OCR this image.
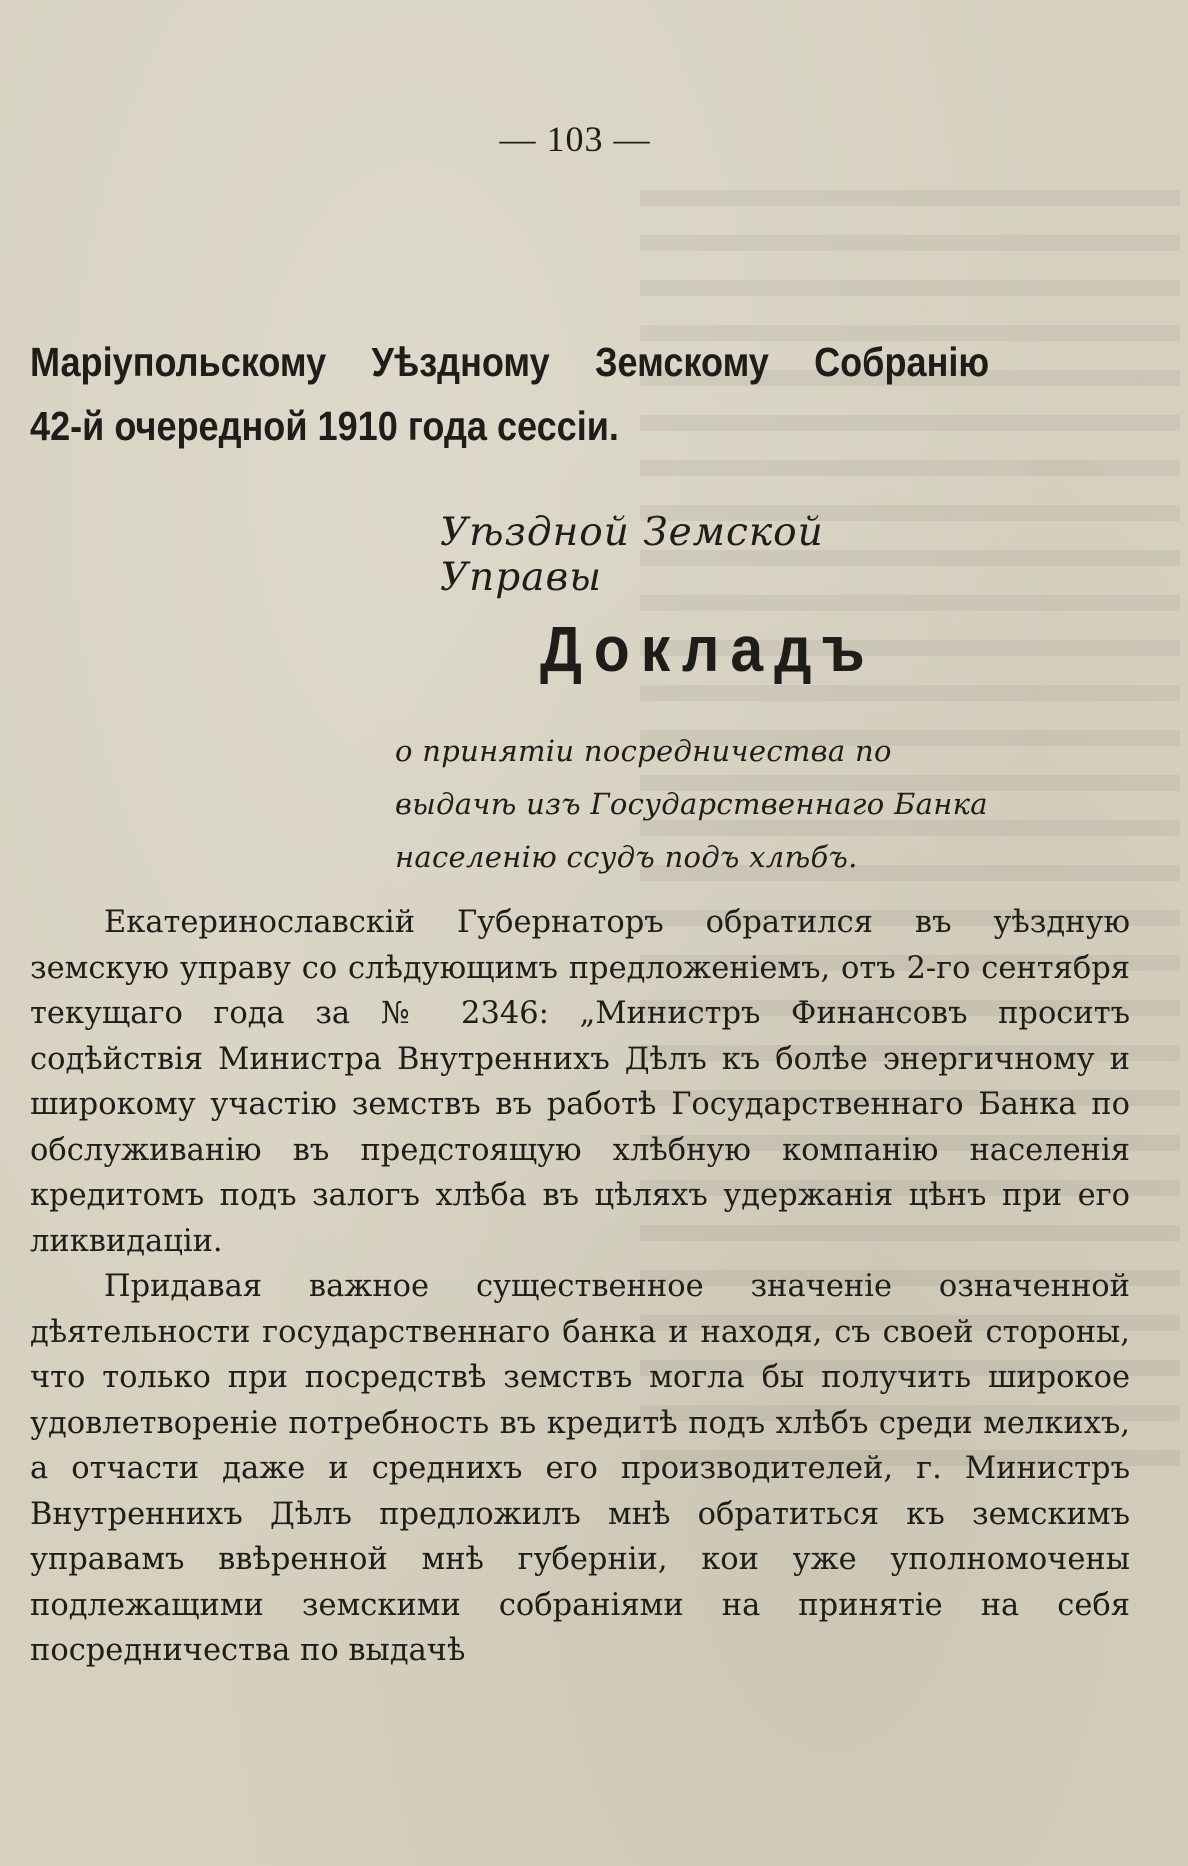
— 103 —
Маріупольскому Уѣздному Земскому Собранію
42-й очередной 1910 года сессіи.
Уѣздной Земской Управы
Докладъ
о принятіи посредничества по выдачѣ изъ Государственнаго Банка населенію ссудъ подъ хлѣбъ.

Екатеринославскій Губернаторъ обратился въ уѣздную земскую управу со слѣдующимъ предложеніемъ, отъ 2-го сентября текущаго года за № 2346: „Министръ Финансовъ проситъ содѣйствія Министра Внутреннихъ Дѣлъ къ болѣе энергичному и широкому участію земствъ въ работѣ Государственнаго Банка по обслуживанію въ предстоящую хлѣбную компанію населенія кредитомъ подъ залогъ хлѣба въ цѣляхъ удержанія цѣнъ при его ликвидаціи.

Придавая важное существенное значеніе означенной дѣятельности государственнаго банка и находя, съ своей стороны, что только при посредствѣ земствъ могла бы получить широкое удовлетвореніе потребность въ кредитѣ подъ хлѣбъ среди мелкихъ, а отчасти даже и среднихъ его производителей, г. Министръ Внутреннихъ Дѣлъ предложилъ мнѣ обратиться къ земскимъ управамъ ввѣренной мнѣ губерніи, кои уже уполномочены подлежащими земскими собраніями на принятіе на себя посредничества по выдачѣ
